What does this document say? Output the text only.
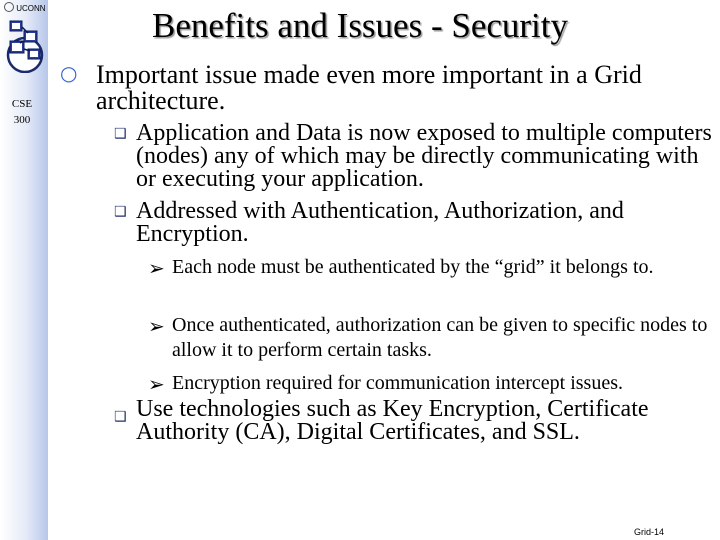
UCONN
CSE
300
Benefits and Issues - Security
○ Important issue made even more important in a Grid architecture.
❑ Application and Data is now exposed to multiple computers (nodes) any of which may be directly communicating with or executing your application.
❑ Addressed with Authentication, Authorization, and Encryption.
➢ Each node must be authenticated by the “grid” it belongs to.
➢ Once authenticated, authorization can be given to specific nodes to allow it to perform certain tasks.
➢ Encryption required for communication intercept issues.
❑ Use technologies such as Key Encryption, Certificate Authority (CA), Digital Certificates, and SSL.
Grid-14
